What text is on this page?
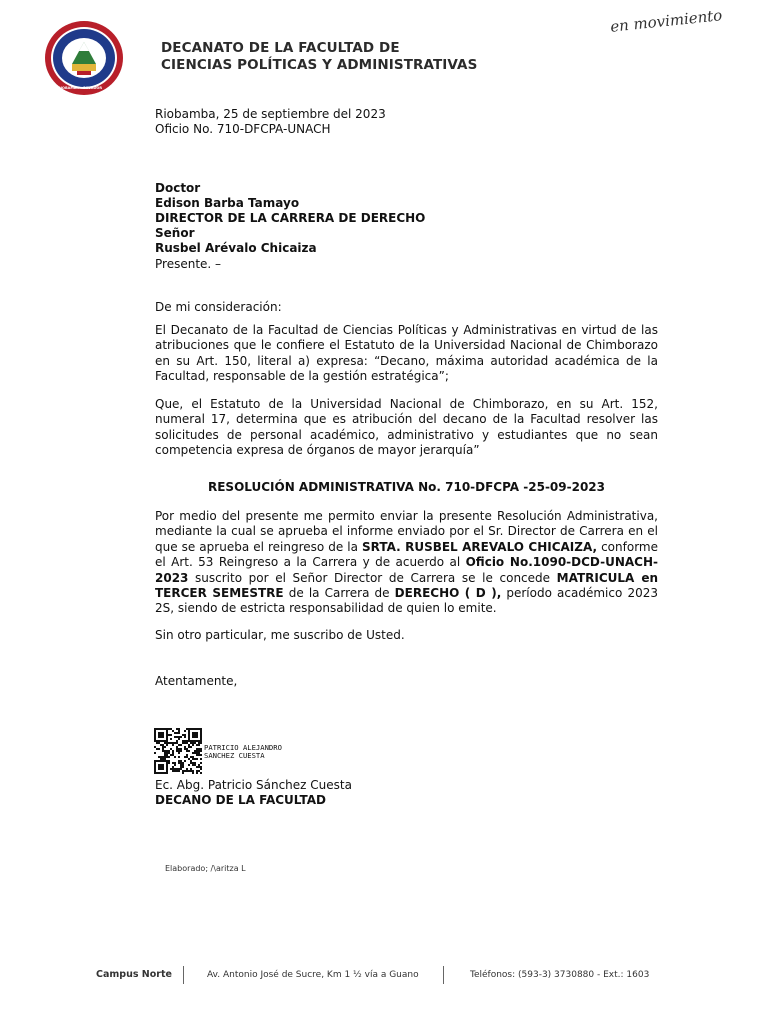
RIOBAMBA - ECUADOR
DECANATO DE LA FACULTAD DE
CIENCIAS POLÍTICAS Y ADMINISTRATIVAS
en movimiento
Riobamba, 25 de septiembre del 2023
Oficio No. 710-DFCPA-UNACH
Doctor
Edison Barba Tamayo
DIRECTOR DE LA CARRERA DE DERECHO
Señor
Rusbel Arévalo Chicaiza
Presente. –
De mi consideración:
El Decanato de la Facultad de Ciencias Políticas y Administrativas en virtud de las atribuciones que le confiere el Estatuto de la Universidad Nacional de Chimborazo en su Art. 150, literal a) expresa: “Decano, máxima autoridad académica de la Facultad, responsable de la gestión estratégica”;
Que, el Estatuto de la Universidad Nacional de Chimborazo, en su Art. 152, numeral 17, determina que es atribución del decano de la Facultad resolver las solicitudes de personal académico, administrativo y estudiantes que no sean competencia expresa de órganos de mayor jerarquía”
RESOLUCIÓN ADMINISTRATIVA No. 710-DFCPA -25-09-2023
Por medio del presente me permito enviar la presente Resolución Administrativa, mediante la cual se aprueba el informe enviado por el Sr. Director de Carrera en el que se aprueba el reingreso de la SRTA. RUSBEL AREVALO CHICAIZA, conforme el Art. 53 Reingreso a la Carrera y de acuerdo al Oficio No.1090-DCD-UNACH-2023 suscrito por el Señor Director de Carrera se le concede MATRICULA en TERCER SEMESTRE de la Carrera de DERECHO ( D ), período académico 2023 2S, siendo de estricta responsabilidad de quien lo emite.
Sin otro particular, me suscribo de Usted.
Atentamente,
PATRICIO ALEJANDRO
SANCHEZ CUESTA
Ec. Abg. Patricio Sánchez Cuesta
DECANO DE LA FACULTAD
Elaborado; /\aritza L
Campus Norte	Av. Antonio José de Sucre, Km 1 ½ vía a Guano	Teléfonos: (593-3) 3730880 - Ext.: 1603
